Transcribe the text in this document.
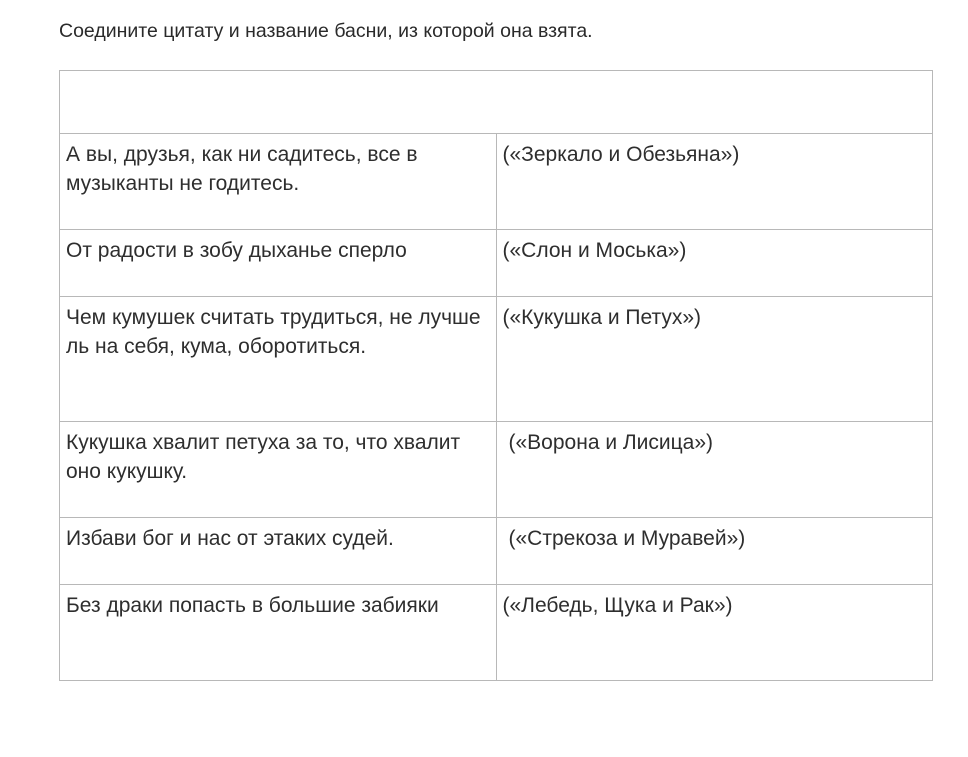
Соедините цитату и название басни, из которой она взята.

А вы, друзья, как ни садитесь, все в музыканты не годитесь.	(«Зеркало и Обезьяна»)
От радости в зобу дыханье сперло	(«Слон и Моська»)
Чем кумушек считать трудиться, не лучше ль на себя, кума, оборотиться.	(«Кукушка и Петух»)
Кукушка хвалит петуха за то, что хвалит оно кукушку.	(«Ворона и Лисица»)
Избави бог и нас от этаких судей.	(«Стрекоза и Муравей»)
Без драки попасть в большие забияки	(«Лебедь, Щука и Рак»)
